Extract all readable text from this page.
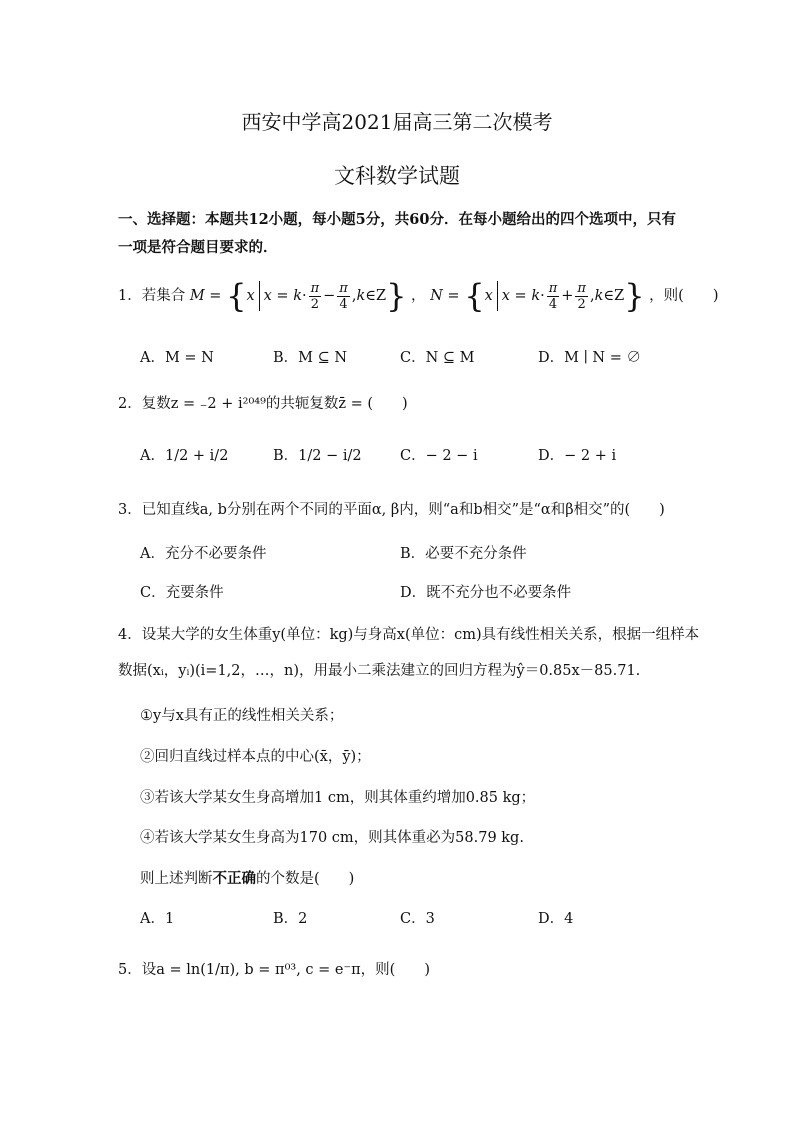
西安中学高2021届高三第二次模考
文科数学试题
一、选择题：本题共12小题，每小题5分，共60分．在每小题给出的四个选项中，只有
一项是符合题目要求的．
1．若集合 M = {x $x = k\cdot \frac{\pi}{2} - \frac{\pi}{4}$ ,k∈Z} ， N = {x $x = k\cdot \frac{\pi}{4} + \frac{\pi}{2}$ ,k∈Z} ，则(　　)
A．M = N	B．M ⊆ N	C．N ⊆ M	D．M ∣ N = ∅
2．复数z = ₋2 + i²⁰⁴⁹的共轭复数z̄ = (　　)
A．1/2 + i/2	B．1/2 − i/2	C．− 2 − i	D．− 2 + i
3．已知直线a, b分别在两个不同的平面α, β内，则“a和b相交”是“α和β相交”的(　　)
A．充分不必要条件	B．必要不充分条件
C．充要条件	D．既不充分也不必要条件
4．设某大学的女生体重y(单位：kg)与身高x(单位：cm)具有线性相关关系，根据一组样本
数据(xᵢ，yᵢ)(i=1,2，…，n)，用最小二乘法建立的回归方程为ŷ＝0.85x－85.71.
①y与x具有正的线性相关关系；
②回归直线过样本点的中心(x̄，ȳ)；
③若该大学某女生身高增加1 cm，则其体重约增加0.85 kg；
④若该大学某女生身高为170 cm，则其体重必为58.79 kg.
则上述判断不正确的个数是(　　)
A．1	B．2	C．3	D．4
5．设a = ln(1/π), b = π⁰³, c = e⁻π，则(　　)
